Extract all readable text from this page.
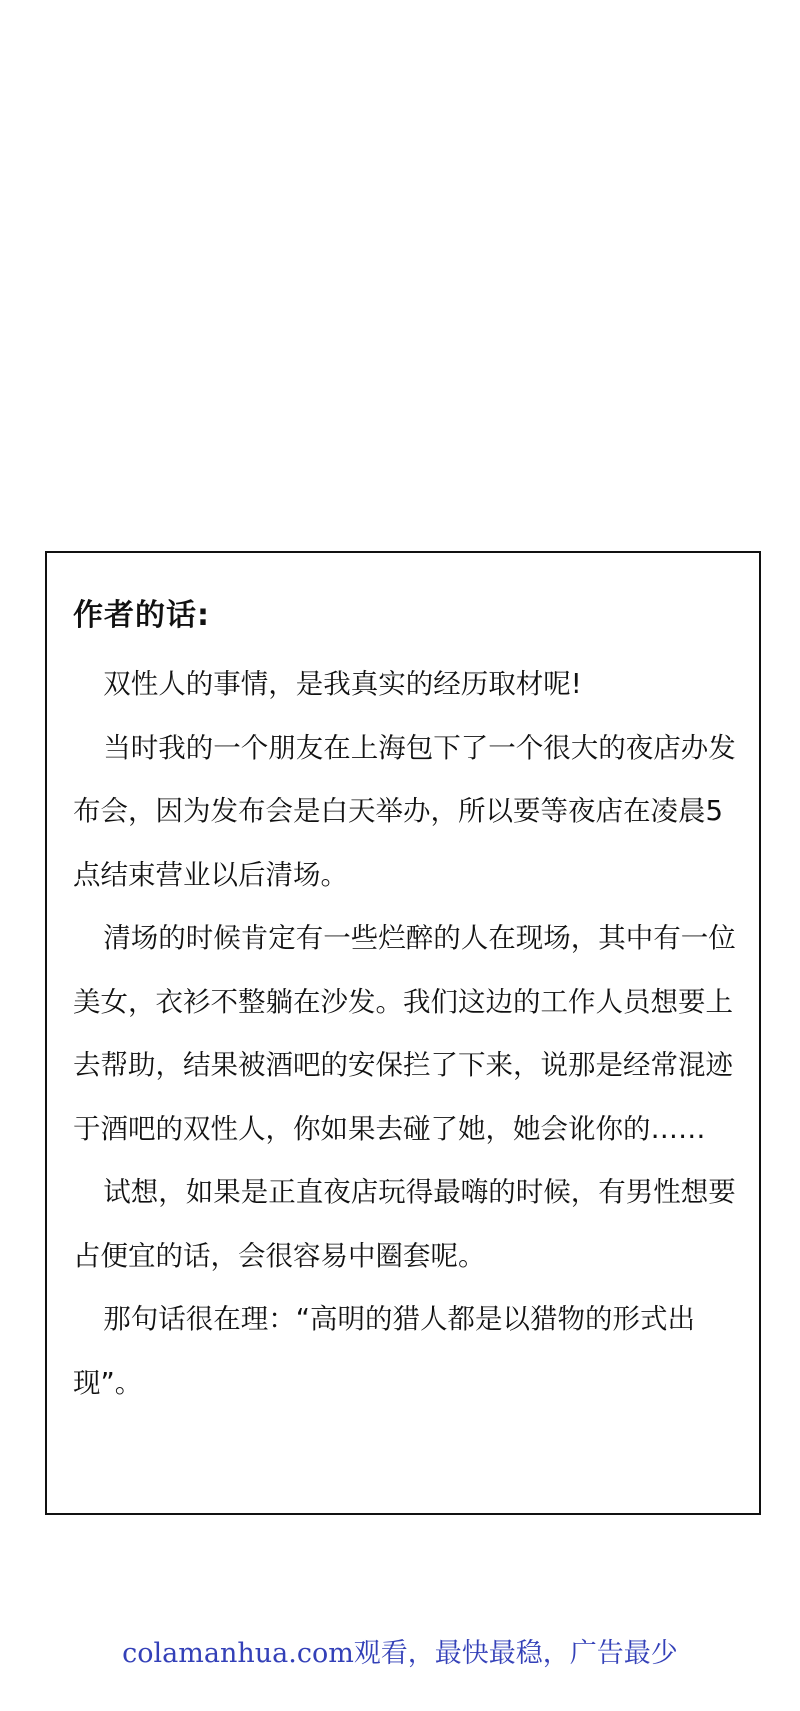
作者的话:

双性人的事情，是我真实的经历取材呢!

当时我的一个朋友在上海包下了一个很大的夜店办发布会，因为发布会是白天举办，所以要等夜店在凌晨5点结束营业以后清场。

清场的时候肯定有一些烂醉的人在现场，其中有一位美女，衣衫不整躺在沙发。我们这边的工作人员想要上去帮助，结果被酒吧的安保拦了下来，说那是经常混迹于酒吧的双性人，你如果去碰了她，她会讹你的……

试想，如果是正直夜店玩得最嗨的时候，有男性想要占便宜的话，会很容易中圈套呢。

那句话很在理：“高明的猎人都是以猎物的形式出现”。

colamanhua.com观看，最快最稳，广告最少
